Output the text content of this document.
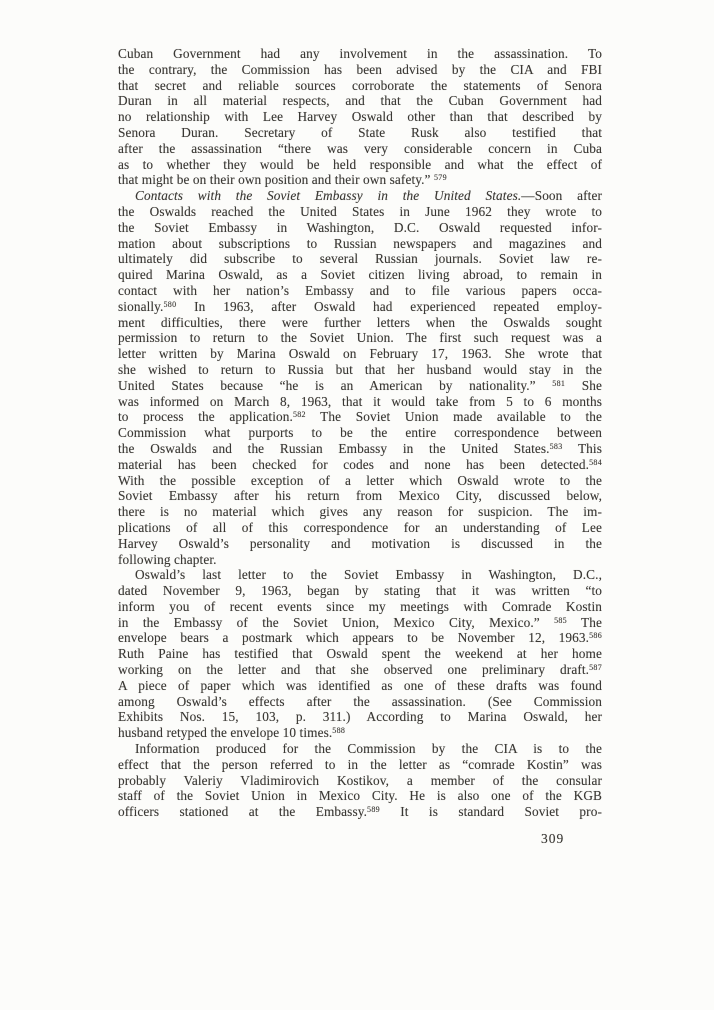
Cuban Government had any involvement in the assassination. To
the contrary, the Commission has been advised by the CIA and FBI
that secret and reliable sources corroborate the statements of Senora
Duran in all material respects, and that the Cuban Government had
no relationship with Lee Harvey Oswald other than that described by
Senora Duran. Secretary of State Rusk also testified that
after the assassination “there was very considerable concern in Cuba
as to whether they would be held responsible and what the effect of
that might be on their own position and their own safety.” $^{579}$
Contacts with the Soviet Embassy in the United States.—Soon after
the Oswalds reached the United States in June 1962 they wrote to
the Soviet Embassy in Washington, D.C. Oswald requested infor-
mation about subscriptions to Russian newspapers and magazines and
ultimately did subscribe to several Russian journals. Soviet law re-
quired Marina Oswald, as a Soviet citizen living abroad, to remain in
contact with her nation’s Embassy and to file various papers occa-
sionally.$^{580}$ In 1963, after Oswald had experienced repeated employ-
ment difficulties, there were further letters when the Oswalds sought
permission to return to the Soviet Union. The first such request was a
letter written by Marina Oswald on February 17, 1963. She wrote that
she wished to return to Russia but that her husband would stay in the
United States because “he is an American by nationality.” $^{581}$ She
was informed on March 8, 1963, that it would take from 5 to 6 months
to process the application.$^{582}$ The Soviet Union made available to the
Commission what purports to be the entire correspondence between
the Oswalds and the Russian Embassy in the United States.$^{583}$ This
material has been checked for codes and none has been detected.$^{584}$
With the possible exception of a letter which Oswald wrote to the
Soviet Embassy after his return from Mexico City, discussed below,
there is no material which gives any reason for suspicion. The im-
plications of all of this correspondence for an understanding of Lee
Harvey Oswald’s personality and motivation is discussed in the
following chapter.
Oswald’s last letter to the Soviet Embassy in Washington, D.C.,
dated November 9, 1963, began by stating that it was written “to
inform you of recent events since my meetings with Comrade Kostin
in the Embassy of the Soviet Union, Mexico City, Mexico.” $^{585}$ The
envelope bears a postmark which appears to be November 12, 1963.$^{586}$
Ruth Paine has testified that Oswald spent the weekend at her home
working on the letter and that she observed one preliminary draft.$^{587}$
A piece of paper which was identified as one of these drafts was found
among Oswald’s effects after the assassination. (See Commission
Exhibits Nos. 15, 103, p. 311.) According to Marina Oswald, her
husband retyped the envelope 10 times.$^{588}$
Information produced for the Commission by the CIA is to the
effect that the person referred to in the letter as “comrade Kostin” was
probably Valeriy Vladimirovich Kostikov, a member of the consular
staff of the Soviet Union in Mexico City. He is also one of the KGB
officers stationed at the Embassy.$^{589}$ It is standard Soviet pro-
309
